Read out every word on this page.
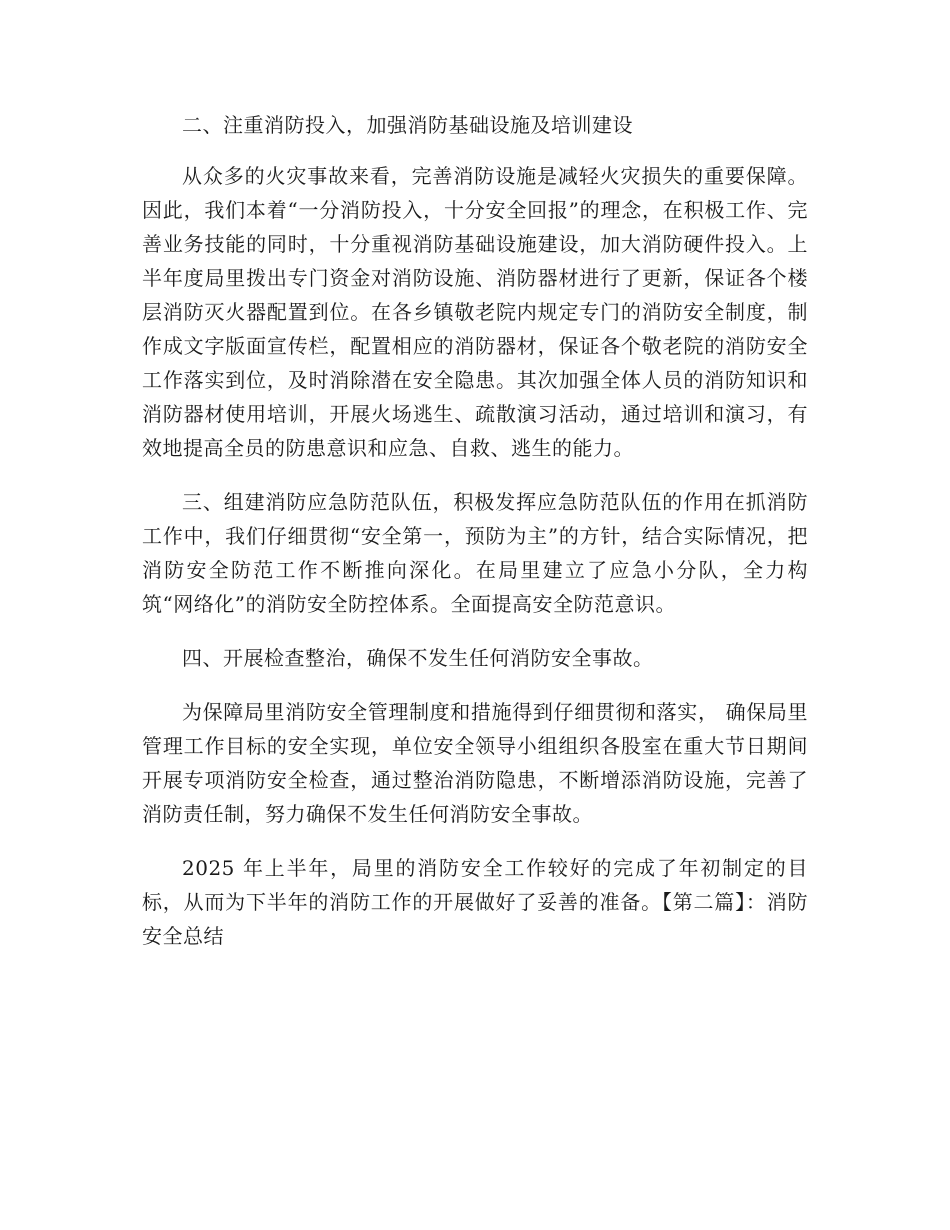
二、注重消防投入，加强消防基础设施及培训建设

从众多的火灾事故来看，完善消防设施是减轻火灾损失的重要保障。因此，我们本着“一分消防投入，十分安全回报”的理念，在积极工作、完善业务技能的同时，十分重视消防基础设施建设，加大消防硬件投入。上半年度局里拨出专门资金对消防设施、消防器材进行了更新，保证各个楼层消防灭火器配置到位。在各乡镇敬老院内规定专门的消防安全制度，制作成文字版面宣传栏，配置相应的消防器材，保证各个敬老院的消防安全工作落实到位，及时消除潜在安全隐患。其次加强全体人员的消防知识和消防器材使用培训，开展火场逃生、疏散演习活动，通过培训和演习，有效地提高全员的防患意识和应急、自救、逃生的能力。

三、组建消防应急防范队伍，积极发挥应急防范队伍的作用在抓消防工作中，我们仔细贯彻“安全第一，预防为主”的方针，结合实际情况，把消防安全防范工作不断推向深化。在局里建立了应急小分队，全力构筑“网络化”的消防安全防控体系。全面提高安全防范意识。

四、开展检查整治，确保不发生任何消防安全事故。

为保障局里消防安全管理制度和措施得到仔细贯彻和落实， 确保局里管理工作目标的安全实现，单位安全领导小组组织各股室在重大节日期间开展专项消防安全检查，通过整治消防隐患，不断增添消防设施，完善了消防责任制，努力确保不发生任何消防安全事故。

2025 年上半年，局里的消防安全工作较好的完成了年初制定的目标，从而为下半年的消防工作的开展做好了妥善的准备。【第二篇】：消防安全总结
